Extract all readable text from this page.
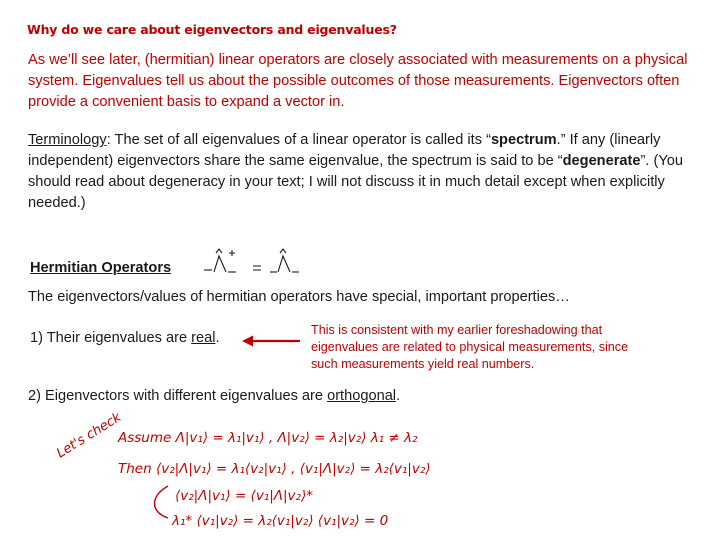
Why do we care about eigenvectors and eigenvalues?
As we’ll see later, (hermitian) linear operators are closely associated with measurements on a physical system. Eigenvalues tell us about the possible outcomes of those measurements. Eigenvectors often provide a convenient basis to expand a vector in.
Terminology: The set of all eigenvalues of a linear operator is called its “spectrum.” If any (linearly independent) eigenvectors share the same eigenvalue, the spectrum is said to be “degenerate”. (You should read about degeneracy in your text; I will not discuss it in much detail except when explicitly needed.)
Hermitian Operators
The eigenvectors/values of hermitian operators have special, important properties…
1) Their eigenvalues are real.	This is consistent with my earlier foreshadowing that eigenvalues are related to physical measurements, since such measurements yield real numbers.
2) Eigenvectors with different eigenvalues are orthogonal.
Let's check
Assume Λ|v₁⟩ = λ₁|v₁⟩ , Λ|v₂⟩ = λ₂|v₂⟩ λ₁ ≠ λ₂
Then ⟨v₂|Λ|v₁⟩ = λ₁⟨v₂|v₁⟩ , ⟨v₁|Λ|v₂⟩ = λ₂⟨v₁|v₂⟩
⟨v₂|Λ|v₁⟩ = ⟨v₁|Λ|v₂⟩*
λ₁* ⟨v₁|v₂⟩ = λ₂⟨v₁|v₂⟩ ⟨v₁|v₂⟩ = 0
